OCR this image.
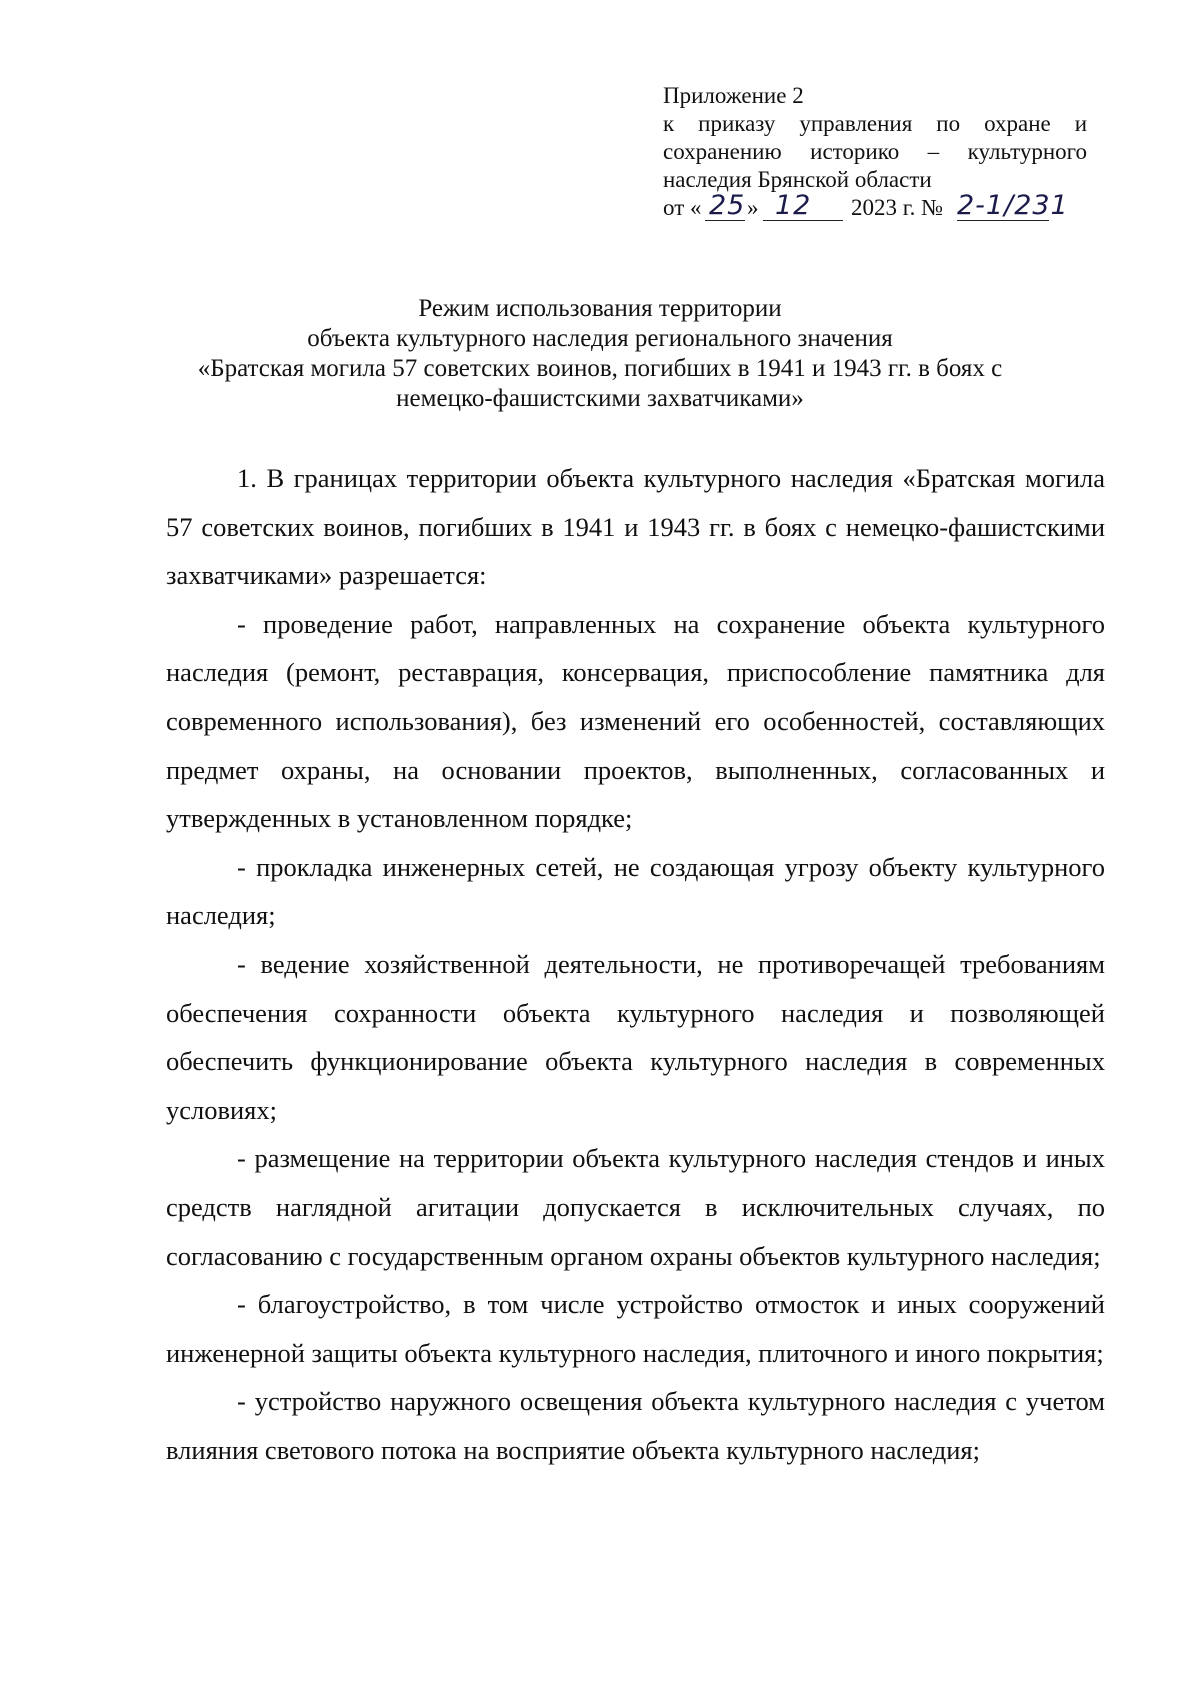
Приложение 2
к приказу управления по охране и
сохранению историко – культурного
наследия Брянской области
от « 25 » 12 2023 г. № 2-1/231
Режим использования территории
объекта культурного наследия регионального значения
«Братская могила 57 советских воинов, погибших в 1941 и 1943 гг. в боях с
немецко-фашистскими захватчиками»

1. В границах территории объекта культурного наследия «Братская могила 57 советских воинов, погибших в 1941 и 1943 гг. в боях с немецко-фашистскими захватчиками» разрешается:

- проведение работ, направленных на сохранение объекта культурного наследия (ремонт, реставрация, консервация, приспособление памятника для современного использования), без изменений его особенностей, составляющих предмет охраны, на основании проектов, выполненных, согласованных и утвержденных в установленном порядке;

- прокладка инженерных сетей, не создающая угрозу объекту культурного наследия;

- ведение хозяйственной деятельности, не противоречащей требованиям обеспечения сохранности объекта культурного наследия и позволяющей обеспечить функционирование объекта культурного наследия в современных условиях;

- размещение на территории объекта культурного наследия стендов и иных средств наглядной агитации допускается в исключительных случаях, по согласованию с государственным органом охраны объектов культурного наследия;

- благоустройство, в том числе устройство отмосток и иных сооружений инженерной защиты объекта культурного наследия, плиточного и иного покрытия;

- устройство наружного освещения объекта культурного наследия с учетом влияния светового потока на восприятие объекта культурного наследия;
